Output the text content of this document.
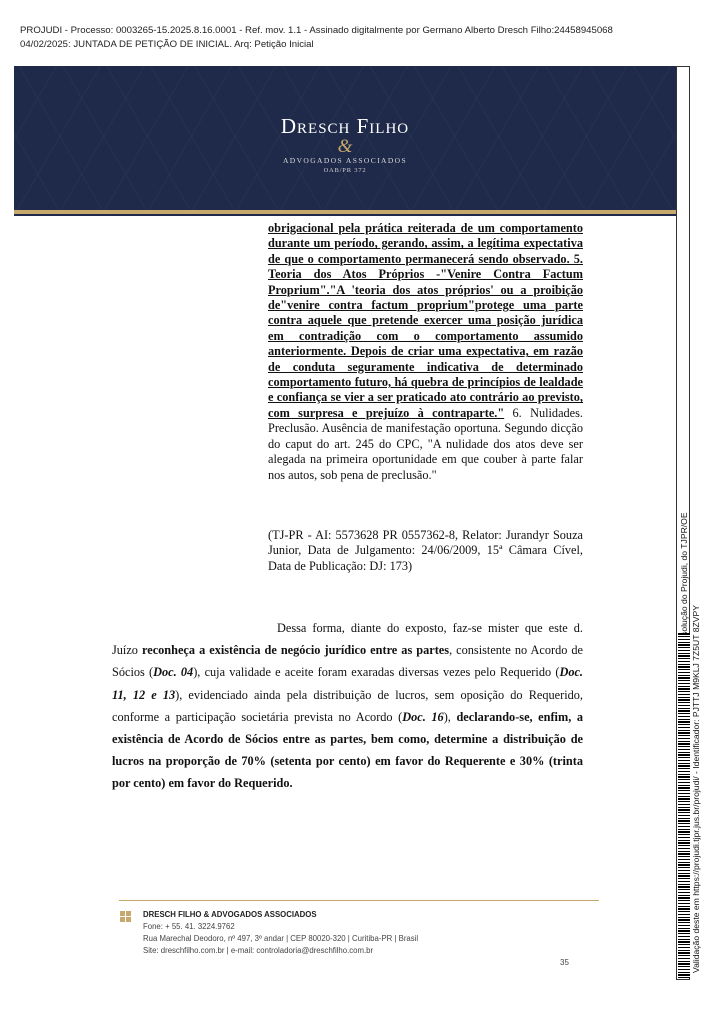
PROJUDI - Processo: 0003265-15.2025.8.16.0001 - Ref. mov. 1.1 - Assinado digitalmente por Germano Alberto Dresch Filho:24458945068
04/02/2025: JUNTADA DE PETIÇÃO DE INICIAL. Arq: Petição Inicial
Dresch Filho
&
ADVOGADOS ASSOCIADOS
OAB/PR 372
Validação deste em https://projudi.tjpr.jus.br/projudi/ - Identificador: PJTTJ M9KLJ 7Z5UT 8ZVPY
obrigacional pela prática reiterada de um comportamento durante um período, gerando, assim, a legítima expectativa de que o comportamento permanecerá sendo observado. 5. Teoria dos Atos Próprios -"Venire Contra Factum Proprium"."A 'teoria dos atos próprios' ou a proibição de"venire contra factum proprium"protege uma parte contra aquele que pretende exercer uma posição jurídica em contradição com o comportamento assumido anteriormente. Depois de criar uma expectativa, em razão de conduta seguramente indicativa de determinado comportamento futuro, há quebra de princípios de lealdade e confiança se vier a ser praticado ato contrário ao previsto, com surpresa e prejuízo à contraparte." 6. Nulidades. Preclusão. Ausência de manifestação oportuna. Segundo dicção do caput do art. 245 do CPC, "A nulidade dos atos deve ser alegada na primeira oportunidade em que couber à parte falar nos autos, sob pena de preclusão."
(TJ-PR - AI: 5573628 PR 0557362-8, Relator: Jurandyr Souza Junior, Data de Julgamento: 24/06/2009, 15ª Câmara Cível, Data de Publicação: DJ: 173)

Dessa forma, diante do exposto, faz-se mister que este d. Juízo reconheça a existência de negócio jurídico entre as partes, consistente no Acordo de Sócios (Doc. 04), cuja validade e aceite foram exaradas diversas vezes pelo Requerido (Doc. 11, 12 e 13), evidenciado ainda pela distribuição de lucros, sem oposição do Requerido, conforme a participação societária prevista no Acordo (Doc. 16), declarando-se, enfim, a existência de Acordo de Sócios entre as partes, bem como, determine a distribuição de lucros na proporção de 70% (setenta por cento) em favor do Requerente e 30% (trinta por cento) em favor do Requerido.

DRESCH FILHO & ADVOGADOS ASSOCIADOS
Fone: + 55. 41. 3224.9762
Rua Marechal Deodoro, nº 497, 3º andar | CEP 80020-320 | Curitiba-PR | Brasil
Site: dreschfilho.com.br | e-mail: controladoria@dreschfilho.com.br
35
